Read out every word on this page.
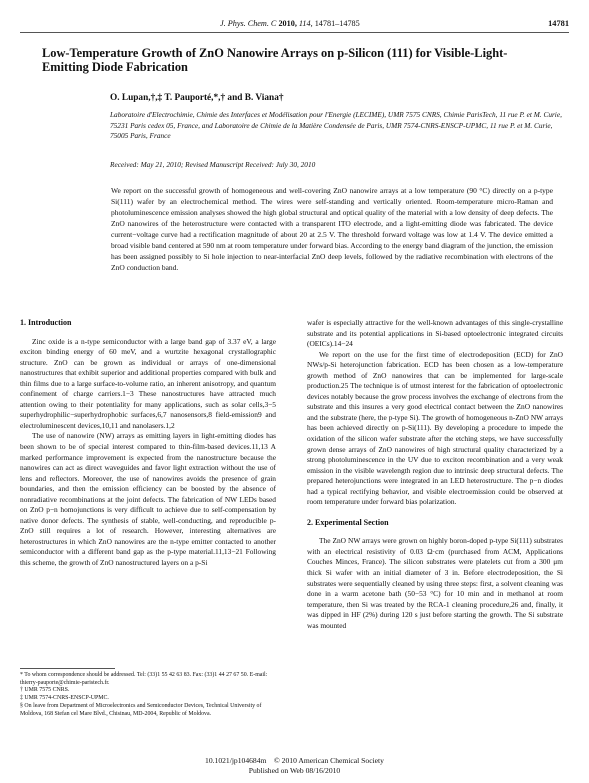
J. Phys. Chem. C 2010, 114, 14781–14785	14781
Low-Temperature Growth of ZnO Nanowire Arrays on p-Silicon (111) for Visible-Light-Emitting Diode Fabrication
O. Lupan,†,‡ T. Pauporté,*,† and B. Viana†
Laboratoire d'Electrochimie, Chimie des Interfaces et Modélisation pour l'Energie (LECIME), UMR 7575 CNRS, Chimie ParisTech, 11 rue P. et M. Curie, 75231 Paris cedex 05, France, and Laboratoire de Chimie de la Matière Condensée de Paris, UMR 7574-CNRS-ENSCP-UPMC, 11 rue P. et M. Curie, 75005 Paris, France
Received: May 21, 2010; Revised Manuscript Received: July 30, 2010
We report on the successful growth of homogeneous and well-covering ZnO nanowire arrays at a low temperature (90 °C) directly on a p-type Si(111) wafer by an electrochemical method. The wires were self-standing and vertically oriented. Room-temperature micro-Raman and photoluminescence emission analyses showed the high global structural and optical quality of the material with a low density of deep defects. The ZnO nanowires of the heterostructure were contacted with a transparent ITO electrode, and a light-emitting diode was fabricated. The device current−voltage curve had a rectification magnitude of about 20 at 2.5 V. The threshold forward voltage was low at 1.4 V. The device emitted a broad visible band centered at 590 nm at room temperature under forward bias. According to the energy band diagram of the junction, the emission has been assigned possibly to Si hole injection to near-interfacial ZnO deep levels, followed by the radiative recombination with electrons of the ZnO conduction band.
1. Introduction

Zinc oxide is a n-type semiconductor with a large band gap of 3.37 eV, a large exciton binding energy of 60 meV, and a wurtzite hexagonal crystallographic structure. ZnO can be grown as individual or arrays of one-dimensional nanostructures that exhibit superior and additional properties compared with bulk and thin films due to a large surface-to-volume ratio, an inherent anisotropy, and quantum confinement of charge carriers.1−3 These nanostructures have attracted much attention owing to their potentiality for many applications, such as solar cells,3−5 superhydrophilic−superhydrophobic surfaces,6,7 nanosensors,8 field-emission9 and electroluminescent devices,10,11 and nanolasers.1,2

The use of nanowire (NW) arrays as emitting layers in light-emitting diodes has been shown to be of special interest compared to thin-film-based devices.11,13 A marked performance improvement is expected from the nanostructure because the nanowires can act as direct waveguides and favor light extraction without the use of lens and reflectors. Moreover, the use of nanowires avoids the presence of grain boundaries, and then the emission efficiency can be boosted by the absence of nonradiative recombinations at the joint defects. The fabrication of NW LEDs based on ZnO p−n homojunctions is very difficult to achieve due to self-compensation by native donor defects. The synthesis of stable, well-conducting, and reproducible p-ZnO still requires a lot of research. However, interesting alternatives are heterostructures in which ZnO nanowires are the n-type emitter contacted to another semiconductor with a different band gap as the p-type material.11,13−21 Following this scheme, the growth of ZnO nanostructured layers on a p-Si

* To whom correspondence should be addressed. Tel: (33)1 55 42 63 83. Fax: (33)1 44 27 67 50. E-mail: thierry-pauporte@chimie-paristech.fr.

† UMR 7575 CNRS.

‡ UMR 7574-CNRS-ENSCP-UPMC.

§ On leave from Department of Microelectronics and Semiconductor Devices, Technical University of Moldova, 168 Stefan cel Mare Blvd., Chisinau, MD-2004, Republic of Moldova.

wafer is especially attractive for the well-known advantages of this single-crystalline substrate and its potential applications in Si-based optoelectronic integrated circuits (OEICs).14−24

We report on the use for the first time of electrodeposition (ECD) for ZnO NWs/p-Si heterojunction fabrication. ECD has been chosen as a low-temperature growth method of ZnO nanowires that can be implemented for large-scale production.25 The technique is of utmost interest for the fabrication of optoelectronic devices notably because the grow process involves the exchange of electrons from the substrate and this insures a very good electrical contact between the ZnO nanowires and the substrate (here, the p-type Si). The growth of homogeneous n-ZnO NW arrays has been achieved directly on p-Si(111). By developing a procedure to impede the oxidation of the silicon wafer substrate after the etching steps, we have successfully grown dense arrays of ZnO nanowires of high structural quality characterized by a strong photoluminescence in the UV due to exciton recombination and a very weak emission in the visible wavelength region due to intrinsic deep structural defects. The prepared heterojunctions were integrated in an LED heterostructure. The p−n diodes had a typical rectifying behavior, and visible electroemission could be observed at room temperature under forward bias polarization.

2. Experimental Section

The ZnO NW arrays were grown on highly boron-doped p-type Si(111) substrates with an electrical resistivity of 0.03 Ω·cm (purchased from ACM, Applications Couches Minces, France). The silicon substrates were platelets cut from a 300 μm thick Si wafer with an initial diameter of 3 in. Before electrodeposition, the Si substrates were sequentially cleaned by using three steps: first, a solvent cleaning was done in a warm acetone bath (50−53 °C) for 10 min and in methanol at room temperature, then Si was treated by the RCA-1 cleaning procedure,26 and, finally, it was dipped in HF (2%) during 120 s just before starting the growth. The Si substrate was mounted

10.1021/jp104684m © 2010 American Chemical Society
Published on Web 08/16/2010
